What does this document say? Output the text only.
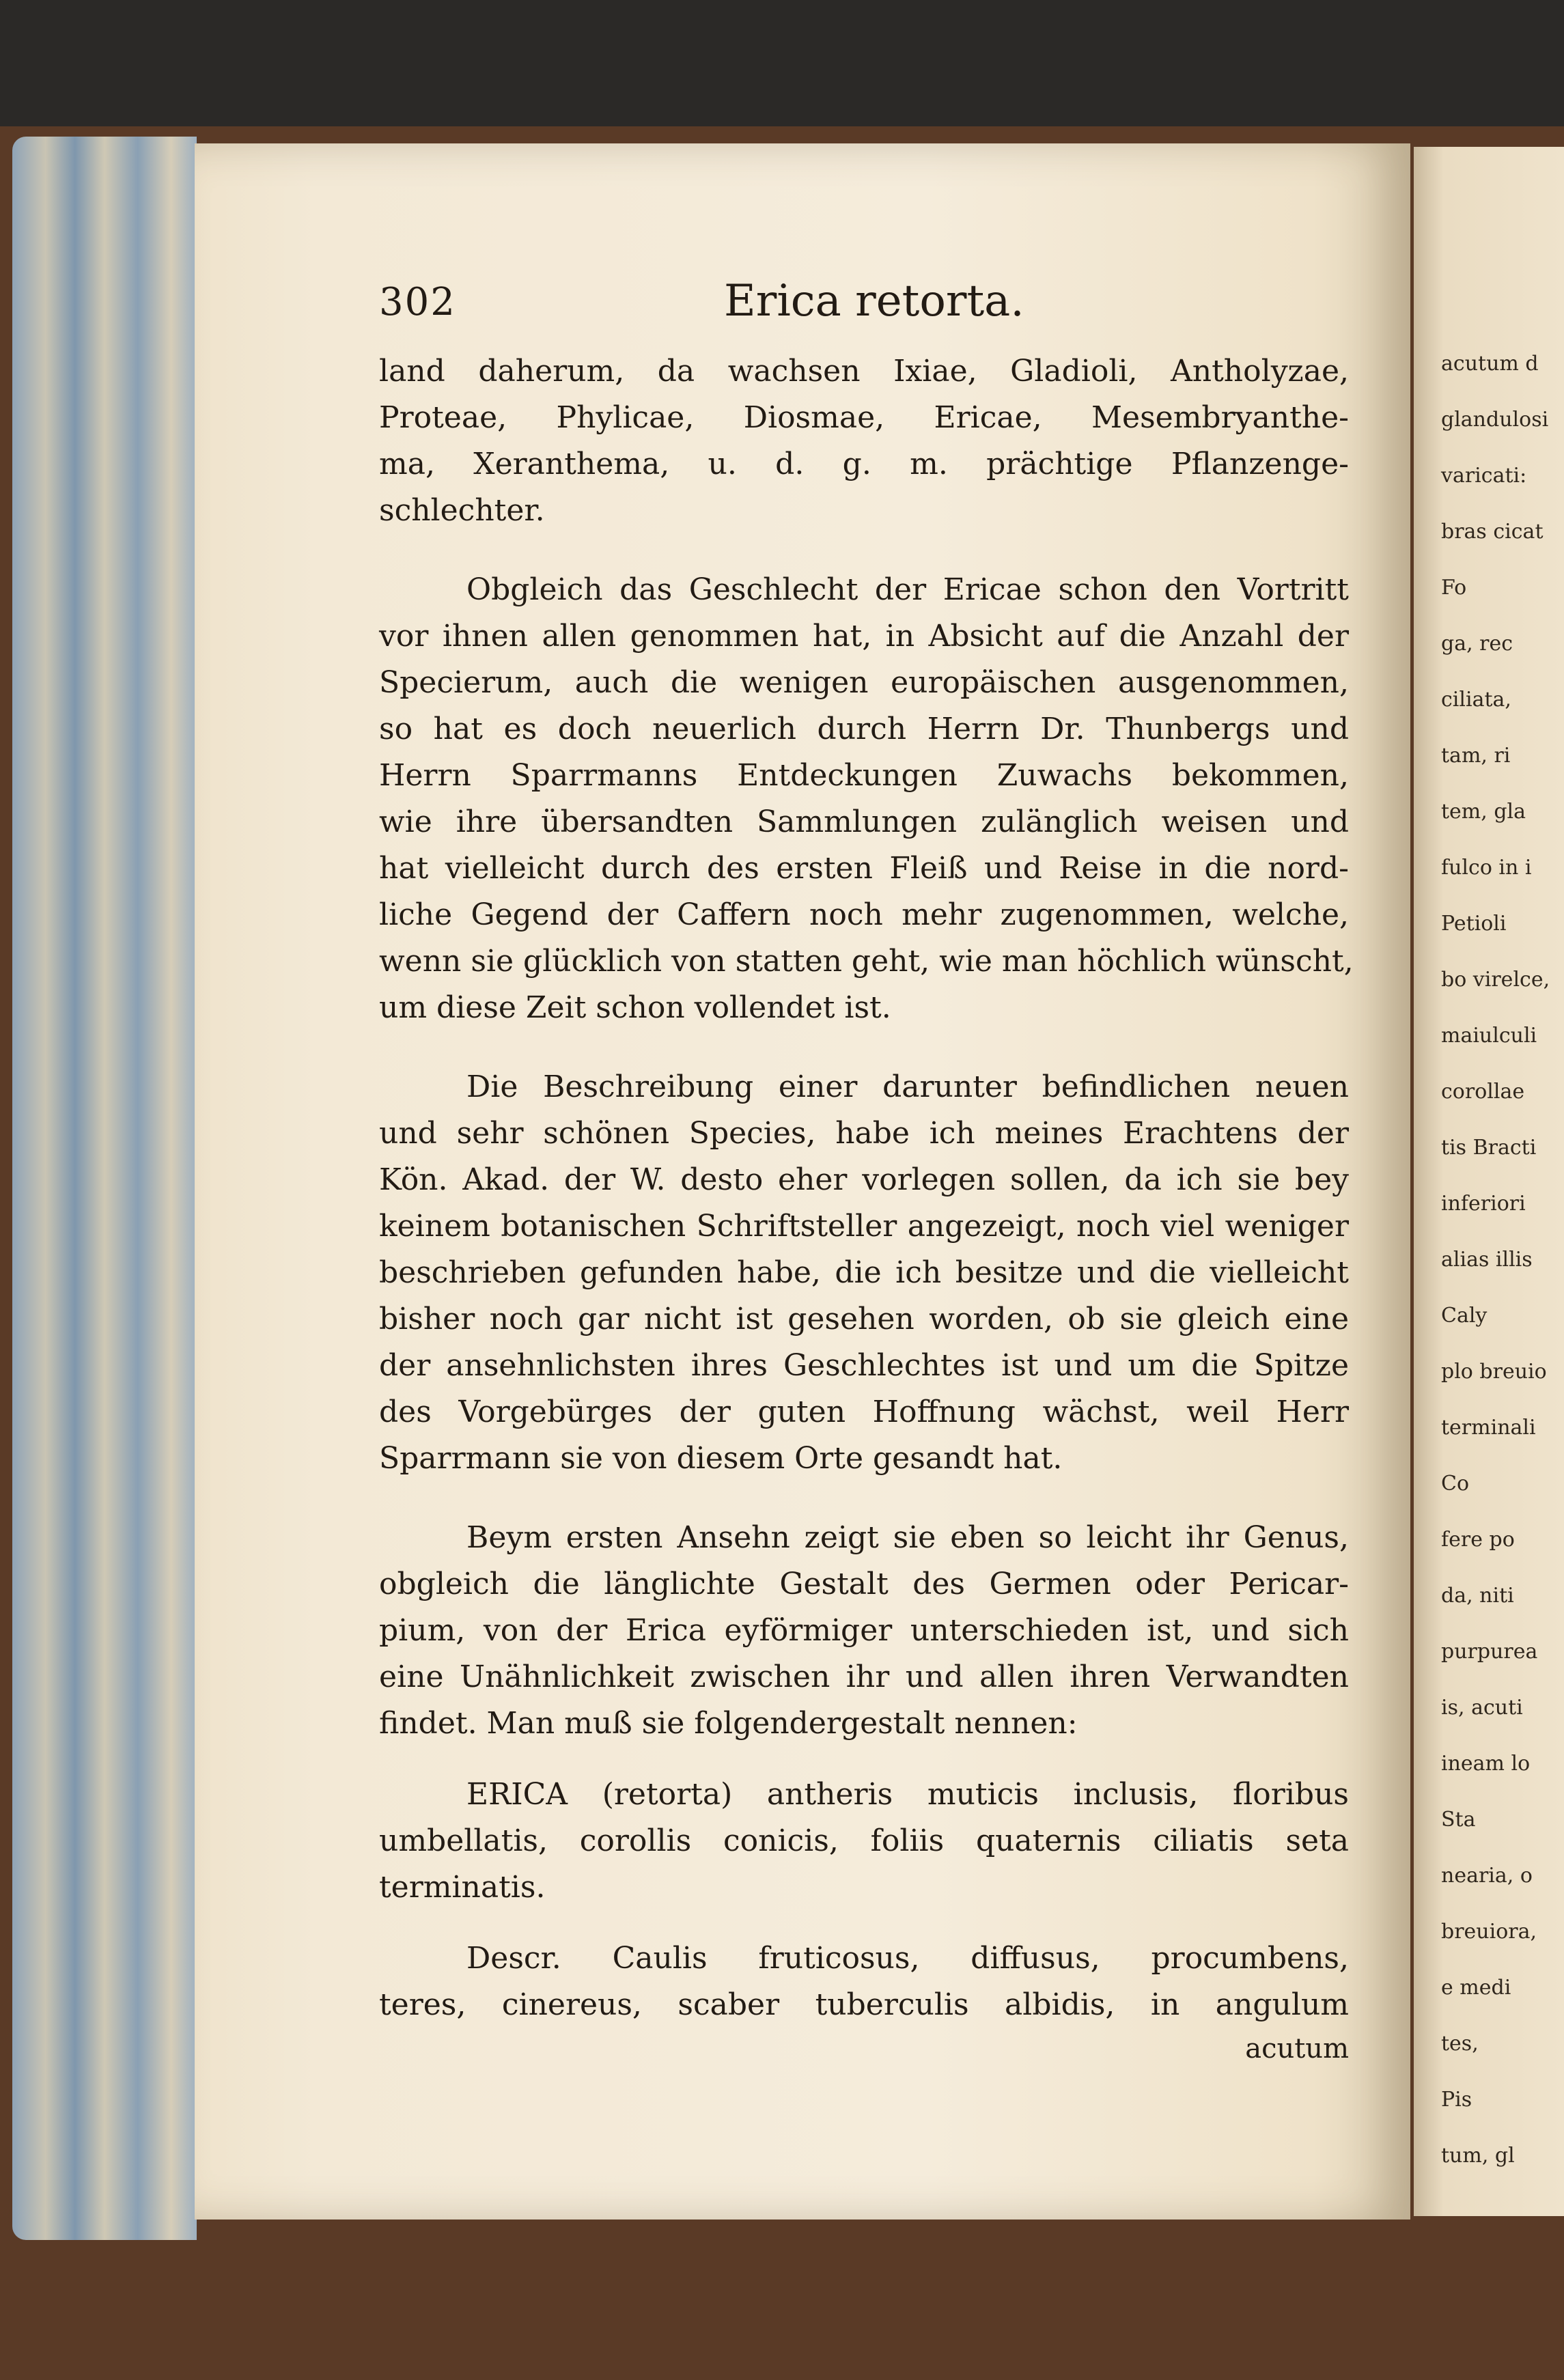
acutum d
glandulosi
varicati:
bras cicat
Fo
ga, rec
ciliata,
tam, ri
tem, gla
fulco in i
Petioli
bo virelce,
maiulculi
corollae
tis Bracti
inferiori
alias illis
Caly
plo breuio
terminali
Co
fere po
da, niti
purpurea
is, acuti
ineam lo
Sta
nearia, o
breuiora,
e medi
tes,
Pis
tum, gl
302	Erica retorta.
land daherum, da wachsen Ixiae, Gladioli, Antholyzae,
Proteae, Phylicae, Diosmae, Ericae, Mesembryanthe-
ma, Xeranthema, u. d. g. m. prächtige Pflanzenge-
schlechter.
Obgleich das Geschlecht der Ericae schon den Vortritt
vor ihnen allen genommen hat, in Absicht auf die Anzahl der
Specierum, auch die wenigen europäischen ausgenommen,
so hat es doch neuerlich durch Herrn Dr. Thunbergs und
Herrn Sparrmanns Entdeckungen Zuwachs bekommen,
wie ihre übersandten Sammlungen zulänglich weisen und
hat vielleicht durch des ersten Fleiß und Reise in die nord-
liche Gegend der Caffern noch mehr zugenommen, welche,
wenn sie glücklich von statten geht, wie man höchlich wünscht,
um diese Zeit schon vollendet ist.
Die Beschreibung einer darunter befindlichen neuen
und sehr schönen Species, habe ich meines Erachtens der
Kön. Akad. der W. desto eher vorlegen sollen, da ich sie bey
keinem botanischen Schriftsteller angezeigt, noch viel weniger
beschrieben gefunden habe, die ich besitze und die vielleicht
bisher noch gar nicht ist gesehen worden, ob sie gleich eine
der ansehnlichsten ihres Geschlechtes ist und um die Spitze
des Vorgebürges der guten Hoffnung wächst, weil Herr
Sparrmann sie von diesem Orte gesandt hat.
Beym ersten Ansehn zeigt sie eben so leicht ihr Genus,
obgleich die länglichte Gestalt des Germen oder Pericar-
pium, von der Erica eyförmiger unterschieden ist, und sich
eine Unähnlichkeit zwischen ihr und allen ihren Verwandten
findet. Man muß sie folgendergestalt nennen:
ERICA (retorta) antheris muticis inclusis, floribus
umbellatis, corollis conicis, foliis quaternis ciliatis seta
terminatis.
Descr. Caulis fruticosus, diffusus, procumbens,
teres, cinereus, scaber tuberculis albidis, in angulum
acutum
